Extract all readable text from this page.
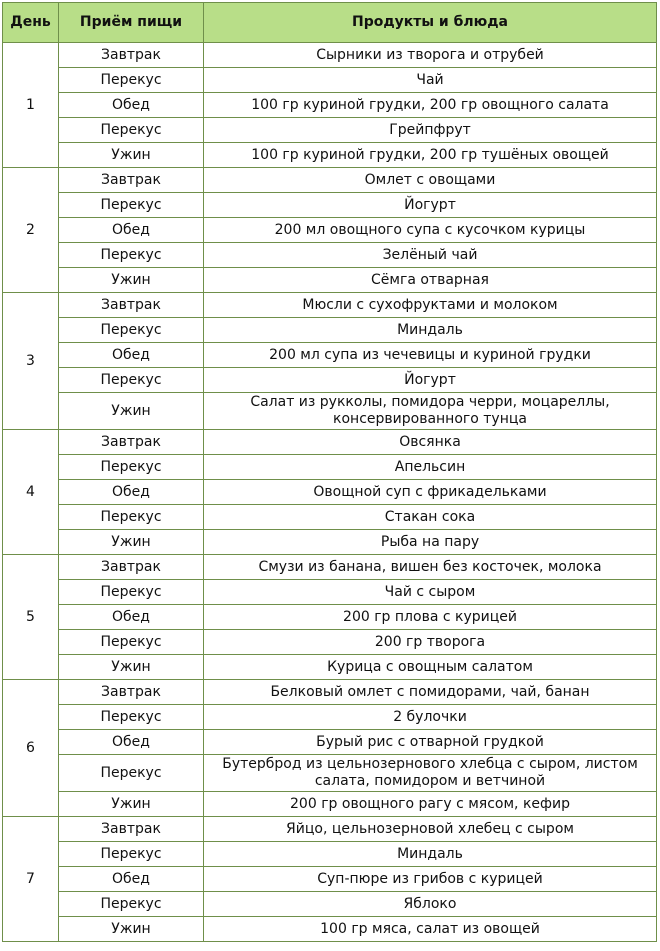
День	Приём пищи	Продукты и блюда
1	Завтрак	Сырники из творога и отрубей
	Перекус	Чай
	Обед	100 гр куриной грудки, 200 гр овощного салата
	Перекус	Грейпфрут
	Ужин	100 гр куриной грудки, 200 гр тушёных овощей
2	Завтрак	Омлет с овощами
	Перекус	Йогурт
	Обед	200 мл овощного супа с кусочком курицы
	Перекус	Зелёный чай
	Ужин	Сёмга отварная
3	Завтрак	Мюсли с сухофруктами и молоком
	Перекус	Миндаль
	Обед	200 мл супа из чечевицы и куриной грудки
	Перекус	Йогурт
	Ужин	Салат из рукколы, помидора черри, моцареллы, консервированного тунца
4	Завтрак	Овсянка
	Перекус	Апельсин
	Обед	Овощной суп с фрикадельками
	Перекус	Стакан сока
	Ужин	Рыба на пару
5	Завтрак	Смузи из банана, вишен без косточек, молока
	Перекус	Чай с сыром
	Обед	200 гр плова с курицей
	Перекус	200 гр творога
	Ужин	Курица с овощным салатом
6	Завтрак	Белковый омлет с помидорами, чай, банан
	Перекус	2 булочки
	Обед	Бурый рис с отварной грудкой
	Перекус	Бутерброд из цельнозернового хлебца с сыром, листом салата, помидором и ветчиной
	Ужин	200 гр овощного рагу с мясом, кефир
7	Завтрак	Яйцо, цельнозерновой хлебец с сыром
	Перекус	Миндаль
	Обед	Суп-пюре из грибов с курицей
	Перекус	Яблоко
	Ужин	100 гр мяса, салат из овощей
